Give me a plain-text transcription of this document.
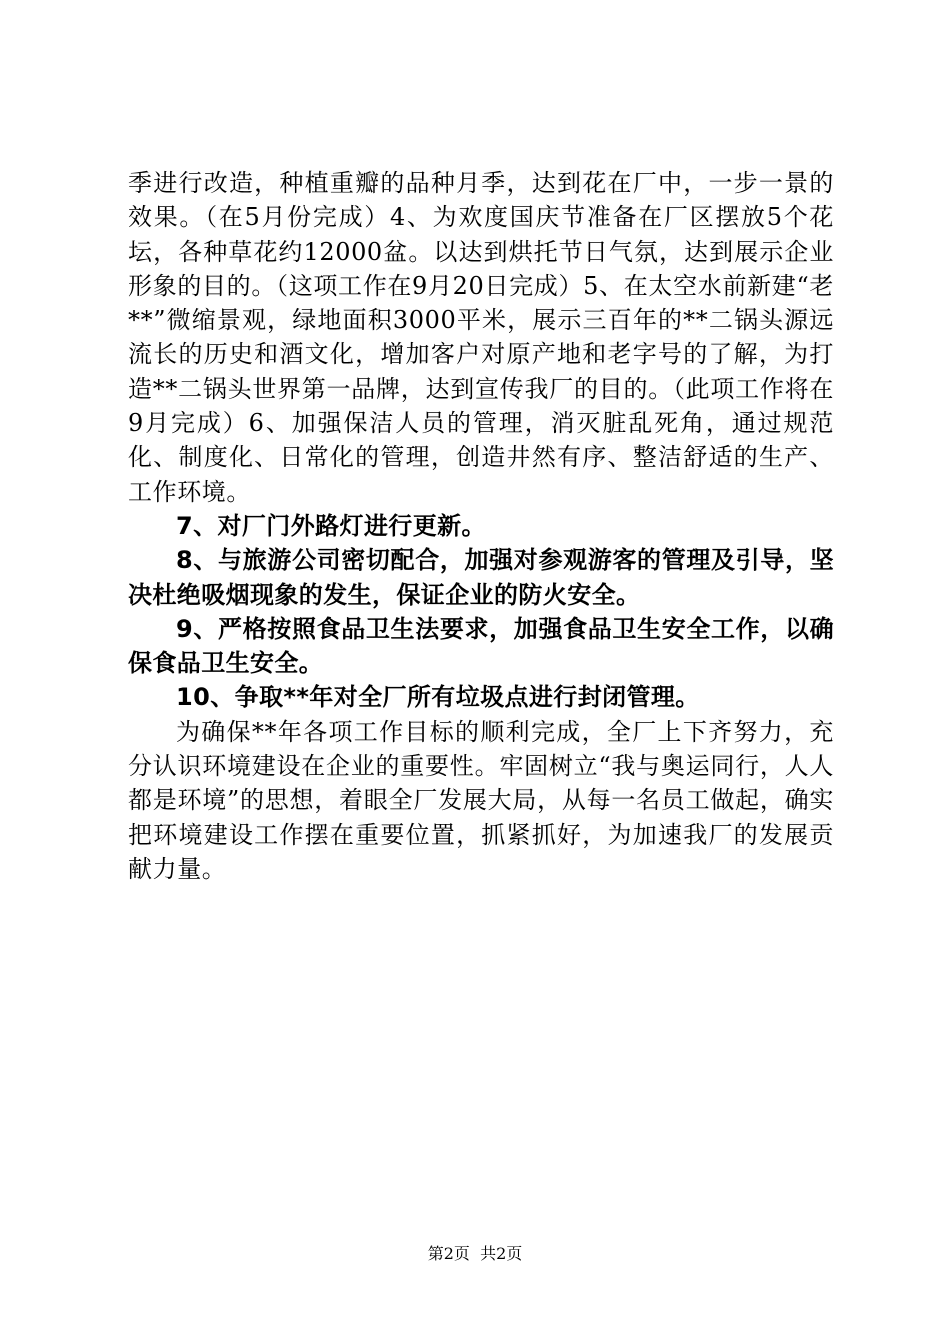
季进行改造，种植重瓣的品种月季，达到花在厂中，一步一景的效果。（在5月份完成）4、为欢度国庆节准备在厂区摆放5个花坛，各种草花约12000盆。以达到烘托节日气氛，达到展示企业形象的目的。（这项工作在9月20日完成）5、在太空水前新建“老**”微缩景观，绿地面积3000平米，展示三百年的**二锅头源远流长的历史和酒文化，增加客户对原产地和老字号的了解，为打造**二锅头世界第一品牌，达到宣传我厂的目的。（此项工作将在9月完成）6、加强保洁人员的管理，消灭脏乱死角，通过规范化、制度化、日常化的管理，创造井然有序、整洁舒适的生产、工作环境。

7、对厂门外路灯进行更新。

8、与旅游公司密切配合，加强对参观游客的管理及引导，坚决杜绝吸烟现象的发生，保证企业的防火安全。

9、严格按照食品卫生法要求，加强食品卫生安全工作，以确保食品卫生安全。

10、争取**年对全厂所有垃圾点进行封闭管理。

为确保**年各项工作目标的顺利完成，全厂上下齐努力，充分认识环境建设在企业的重要性。牢固树立“我与奥运同行，人人都是环境”的思想，着眼全厂发展大局，从每一名员工做起，确实把环境建设工作摆在重要位置，抓紧抓好，为加速我厂的发展贡献力量。

第2页  共2页
